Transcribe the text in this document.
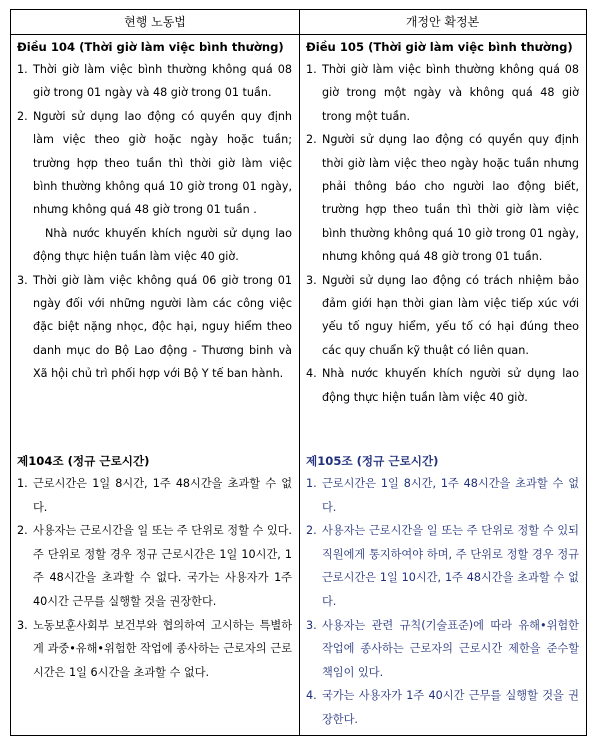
현행 노동법	개정안 확정본
Điều 104 (Thời giờ làm việc bình thường)
1. Thời giờ làm việc bình thường không quá 08 giờ trong 01 ngày và 48 giờ trong 01 tuần.
2. Người sử dụng lao động có quyền quy định làm việc theo giờ hoặc ngày hoặc tuần; trường hợp theo tuần thì thời giờ làm việc bình thường không quá 10 giờ trong 01 ngày, nhưng không quá 48 giờ trong 01 tuần .
Nhà nước khuyến khích người sử dụng lao động thực hiện tuần làm việc 40 giờ.
3. Thời giờ làm việc không quá 06 giờ trong 01 ngày đối với những người làm các công việc đặc biệt nặng nhọc, độc hại, nguy hiểm theo danh mục do Bộ Lao động - Thương binh và Xã hội chủ trì phối hợp với Bộ Y tế ban hành.
제104조 (정규 근로시간)
1. 근로시간은 1일 8시간, 1주 48시간을 초과할 수 없다.
2. 사용자는 근로시간을 일 또는 주 단위로 정할 수 있다. 주 단위로 정할 경우 정규 근로시간은 1일 10시간, 1주 48시간을 초과할 수 없다. 국가는 사용자가 1주 40시간 근무를 실행할 것을 권장한다.
3. 노동보훈사회부 보건부와 협의하여 고시하는 특별하게 과중•유해•위험한 작업에 종사하는 근로자의 근로시간은 1일 6시간을 초과할 수 없다.
Điều 105 (Thời giờ làm việc bình thường)
1. Thời giờ làm việc bình thường không quá 08 giờ trong một ngày và không quá 48 giờ trong một tuần.
2. Người sử dụng lao động có quyền quy định thời giờ làm việc theo ngày hoặc tuần nhưng phải thông báo cho người lao động biết, trường hợp theo tuần thì thời giờ làm việc bình thường không quá 10 giờ trong 01 ngày, nhưng không quá 48 giờ trong 01 tuần.
3. Người sử dụng lao động có trách nhiệm bảo đảm giới hạn thời gian làm việc tiếp xúc với yếu tố nguy hiểm, yếu tố có hại đúng theo các quy chuẩn kỹ thuật có liên quan.
4. Nhà nước khuyến khích người sử dụng lao động thực hiện tuần làm việc 40 giờ.
제105조 (정규 근로시간)
1. 근로시간은 1일 8시간, 1주 48시간을 초과할 수 없다.
2. 사용자는 근로시간을 일 또는 주 단위로 정할 수 있되 직원에게 통지하여야 하며, 주 단위로 정할 경우 정규 근로시간은 1일 10시간, 1주 48시간을 초과할 수 없다.
3. 사용자는 관련 규칙(기술표준)에 따라 유해•위험한 작업에 종사하는 근로자의 근로시간 제한을 준수할 책임이 있다.
4. 국가는 사용자가 1주 40시간 근무를 실행할 것을 권장한다.
